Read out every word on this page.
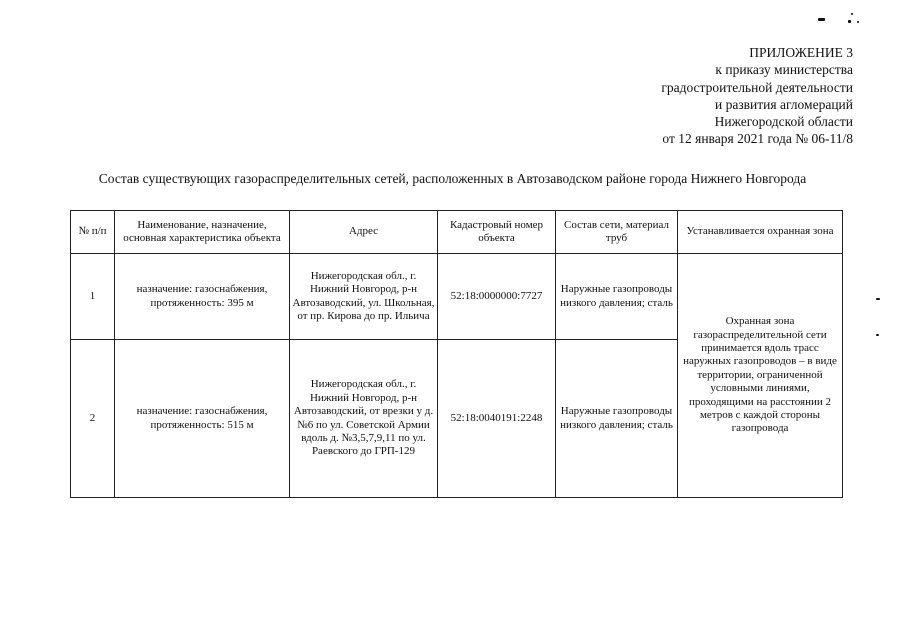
ПРИЛОЖЕНИЕ 3
к приказу министерства
градостроительной деятельности
и развития агломераций
Нижегородской области
от 12 января 2021 года № 06-11/8
Состав существующих газораспределительных сетей, расположенных в Автозаводском районе города Нижнего Новгорода
№ п/п	Наименование, назначение, основная характеристика объекта	Адрес	Кадастровый номер объекта	Состав сети, материал труб	Устанавливается охранная зона
1	назначение: газоснабжения, протяженность: 395 м	Нижегородская обл., г. Нижний Новгород, р-н Автозаводский, ул. Школьная, от пр. Кирова до пр. Ильича	52:18:0000000:7727	Наружные газопроводы низкого давления; сталь	Охранная зона газораспределительной сети принимается вдоль трасс наружных газопроводов – в виде территории, ограниченной условными линиями, проходящими на расстоянии 2 метров с каждой стороны газопровода
2	назначение: газоснабжения, протяженность: 515 м	Нижегородская обл., г. Нижний Новгород, р-н Автозаводский, от врезки у д.№6 по ул. Советской Армии вдоль д. №3,5,7,9,11 по ул. Раевского до ГРП-129	52:18:0040191:2248	Наружные газопроводы низкого давления; сталь	
